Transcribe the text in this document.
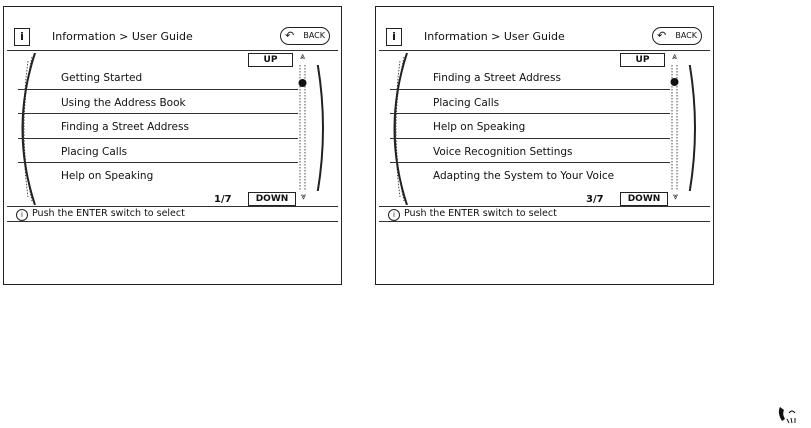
i	Information > User Guide	↶ BACK
UP	⩓
Getting Started
Using the Address Book
Finding a Street Address
Placing Calls
Help on Speaking
1/7	DOWN	⩔
i Push the ENTER switch to select
i	Information > User Guide	↶ BACK
UP	⩓
Finding a Street Address
Placing Calls
Help on Speaking
Voice Recognition Settings
Adapting the System to Your Voice
3/7	DOWN	⩔
i Push the ENTER switch to select
